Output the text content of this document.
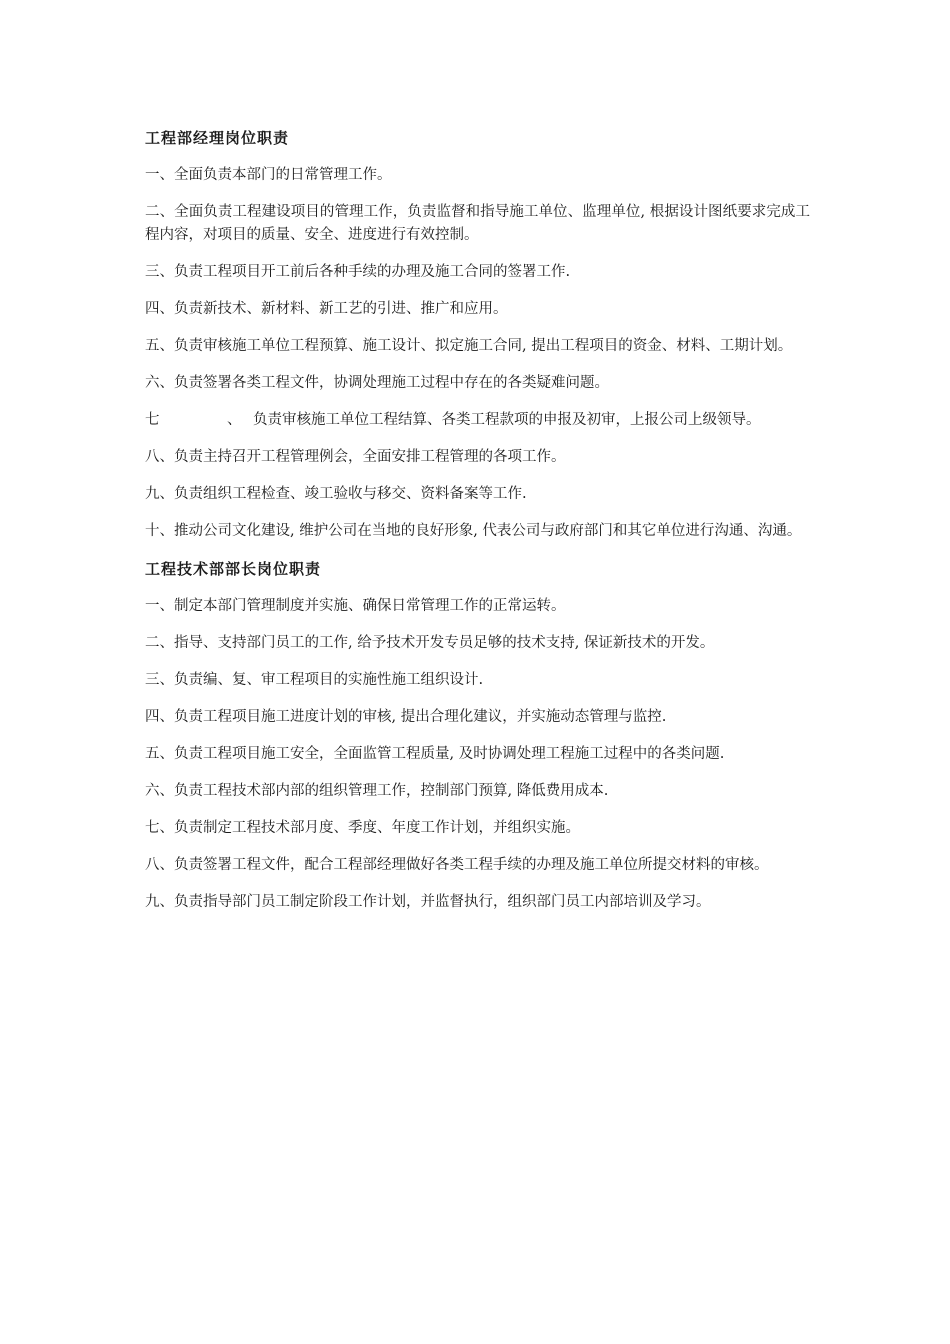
工程部经理岗位职责

一、全面负责本部门的日常管理工作。

二、全面负责工程建设项目的管理工作，负责监督和指导施工单位、监理单位, 根据设计图纸要求完成工程内容，对项目的质量、安全、进度进行有效控制。

三、负责工程项目开工前后各种手续的办理及施工合同的签署工作.

四、负责新技术、新材料、新工艺的引进、推广和应用。

五、负责审核施工单位工程预算、施工设计、拟定施工合同, 提出工程项目的资金、材料、工期计划。

六、负责签署各类工程文件，协调处理施工过程中存在的各类疑难问题。

七	、 负责审核施工单位工程结算、各类工程款项的申报及初审，上报公司上级领导。

八、负责主持召开工程管理例会，全面安排工程管理的各项工作。

九、负责组织工程检查、竣工验收与移交、资料备案等工作.

十、推动公司文化建设, 维护公司在当地的良好形象, 代表公司与政府部门和其它单位进行沟通、沟通。

工程技术部部长岗位职责

一、制定本部门管理制度并实施、确保日常管理工作的正常运转。

二、指导、支持部门员工的工作, 给予技术开发专员足够的技术支持, 保证新技术的开发。

三、负责编、复、审工程项目的实施性施工组织设计.

四、负责工程项目施工进度计划的审核, 提出合理化建议，并实施动态管理与监控.

五、负责工程项目施工安全，全面监管工程质量, 及时协调处理工程施工过程中的各类问题.

六、负责工程技术部内部的组织管理工作，控制部门预算, 降低费用成本.

七、负责制定工程技术部月度、季度、年度工作计划，并组织实施。

八、负责签署工程文件，配合工程部经理做好各类工程手续的办理及施工单位所提交材料的审核。

九、负责指导部门员工制定阶段工作计划，并监督执行，组织部门员工内部培训及学习。
